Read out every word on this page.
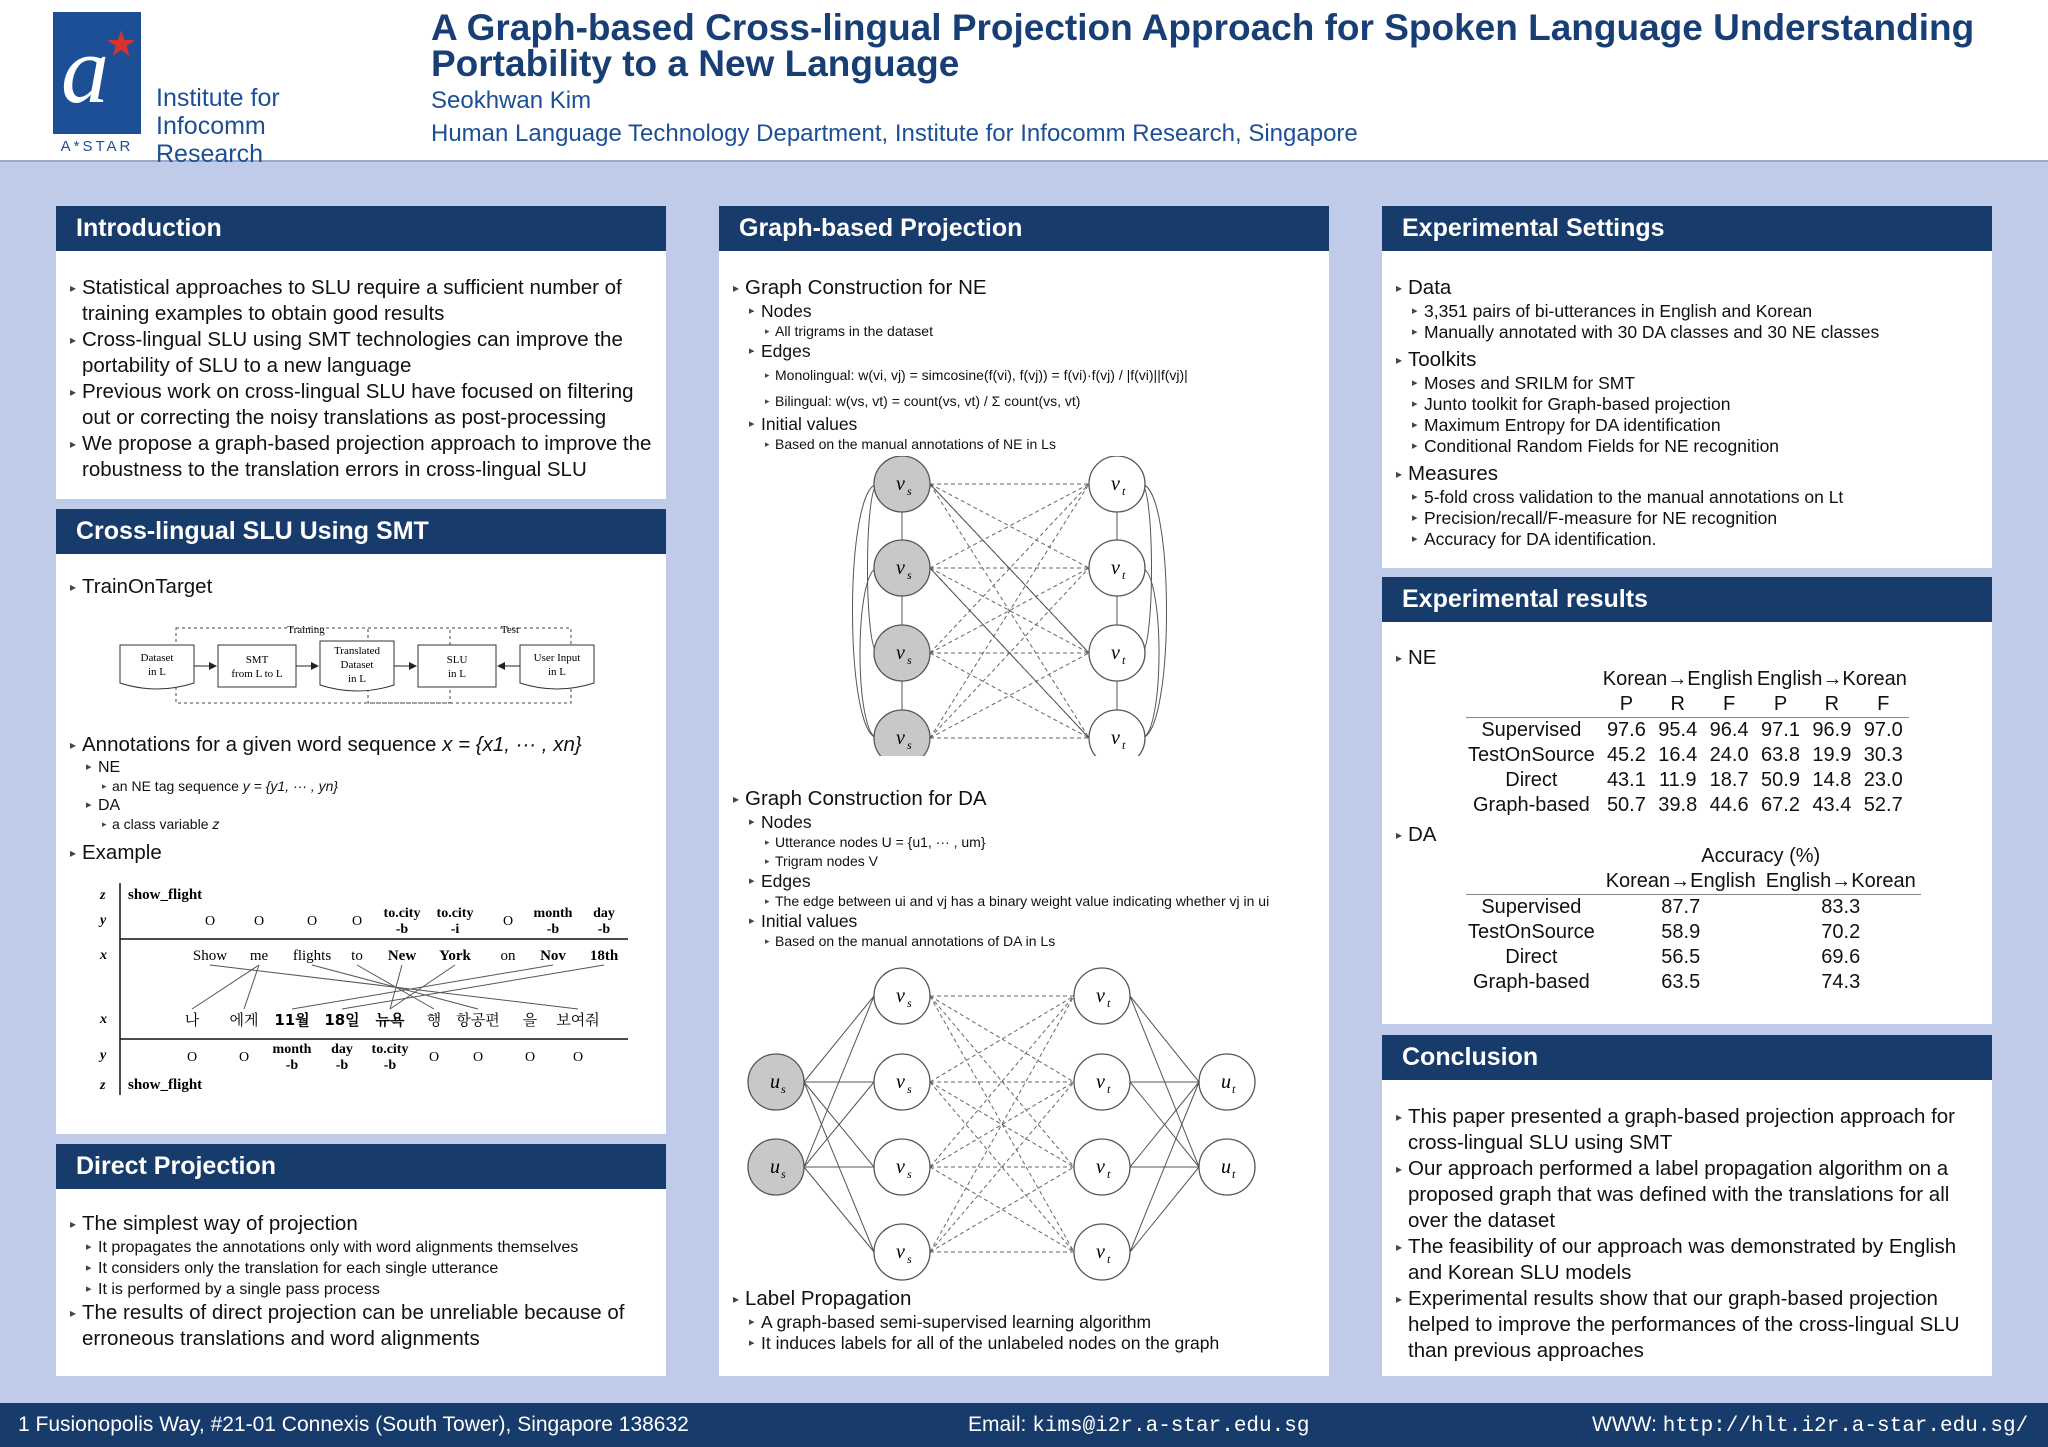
a
★
Institute for
Infocomm Research
A*STAR
A Graph-based Cross-lingual Projection Approach for Spoken Language Understanding Portability to a New Language
Seokhwan Kim
Human Language Technology Department, Institute for Infocomm Research, Singapore
Introduction
▸ Statistical approaches to SLU require a sufficient number of training examples to obtain good results
▸ Cross-lingual SLU using SMT technologies can improve the portability of SLU to a new language
▸ Previous work on cross-lingual SLU have focused on filtering out or correcting the noisy translations as post-processing
▸ We propose a graph-based projection approach to improve the robustness to the translation errors in cross-lingual SLU
Cross-lingual SLU Using SMT
▸ TrainOnTarget
Training	Test
Dataset
in L
SMT
from L to L
Translated
Dataset
in L
SLU
in L
User Input
in L
▸ Annotations for a given word sequence x = {x1, ··· , xn}
▸ NE
▸ an NE tag sequence y = {y1, ··· , yn}
▸ DA
▸ a class variable z
▸ Example
z
y
x
x
y
z
show_flight
show_flight
O	O	O O
to.city
-b
to.city
-i
O
month
-b
day
-b
Show me flights to New York on Nov 18th
나 에게 11월 18일 뉴욕 행 항공편 을 보여줘
O	O
month
-b
day
-b
to.city
-b
O O	O	O
Direct Projection
▸ The simplest way of projection
▸ It propagates the annotations only with word alignments themselves
▸ It considers only the translation for each single utterance
▸ It is performed by a single pass process
▸ The results of direct projection can be unreliable because of erroneous translations and word alignments
Graph-based Projection
▸ Graph Construction for NE
▸ Nodes
▸ All trigrams in the dataset
▸ Edges
▸ Monolingual: w(vi, vj) = simcosine(f(vi), f(vj)) = f(vi)·f(vj) / |f(vi)||f(vj)|
▸ Bilingual: w(vs, vt) = count(vs, vt) / Σ count(vs, vt)
▸ Initial values
▸ Based on the manual annotations of NE in Ls
v s	v t
v s	v t
v s	v t
v s	v t
▸ Graph Construction for DA
▸ Nodes
▸ Utterance nodes U = {u1, ··· , um}
▸ Trigram nodes V
▸ Edges
▸ The edge between ui and vj has a binary weight value indicating whether vj in ui
▸ Initial values
▸ Based on the manual annotations of DA in Ls
v s	v t
v s	v t
v s	v t
v s	v t
u s	u t
u s	u t
▸ Label Propagation
▸ A graph-based semi-supervised learning algorithm
▸ It induces labels for all of the unlabeled nodes on the graph
Experimental Settings
▸ Data
▸ 3,351 pairs of bi-utterances in English and Korean
▸ Manually annotated with 30 DA classes and 30 NE classes
▸ Toolkits
▸ Moses and SRILM for SMT
▸ Junto toolkit for Graph-based projection
▸ Maximum Entropy for DA identification
▸ Conditional Random Fields for NE recognition
▸ Measures
▸ 5-fold cross validation to the manual annotations on Lt
▸ Precision/recall/F-measure for NE recognition
▸ Accuracy for DA identification.
Experimental results
▸ NE
	Korean→English			English→Korean		
	P	R	F	P	R	F
Supervised	97.6	95.4	96.4	97.1	96.9	97.0
TestOnSource	45.2	16.4	24.0	63.8	19.9	30.3
Direct	43.1	11.9	18.7	50.9	14.8	23.0
Graph-based	50.7	39.8	44.6	67.2	43.4	52.7
▸ DA
	Accuracy (%)	
	Korean→English	English→Korean
Supervised	87.7	83.3
TestOnSource	58.9	70.2
Direct	56.5	69.6
Graph-based	63.5	74.3
Conclusion
▸ This paper presented a graph-based projection approach for cross-lingual SLU using SMT
▸ Our approach performed a label propagation algorithm on a proposed graph that was defined with the translations for all over the dataset
▸ The feasibility of our approach was demonstrated by English and Korean SLU models
▸ Experimental results show that our graph-based projection helped to improve the performances of the cross-lingual SLU than previous approaches
1 Fusionopolis Way, #21-01 Connexis (South Tower), Singapore 138632	Email: kims@i2r.a-star.edu.sg	WWW: http://hlt.i2r.a-star.edu.sg/
